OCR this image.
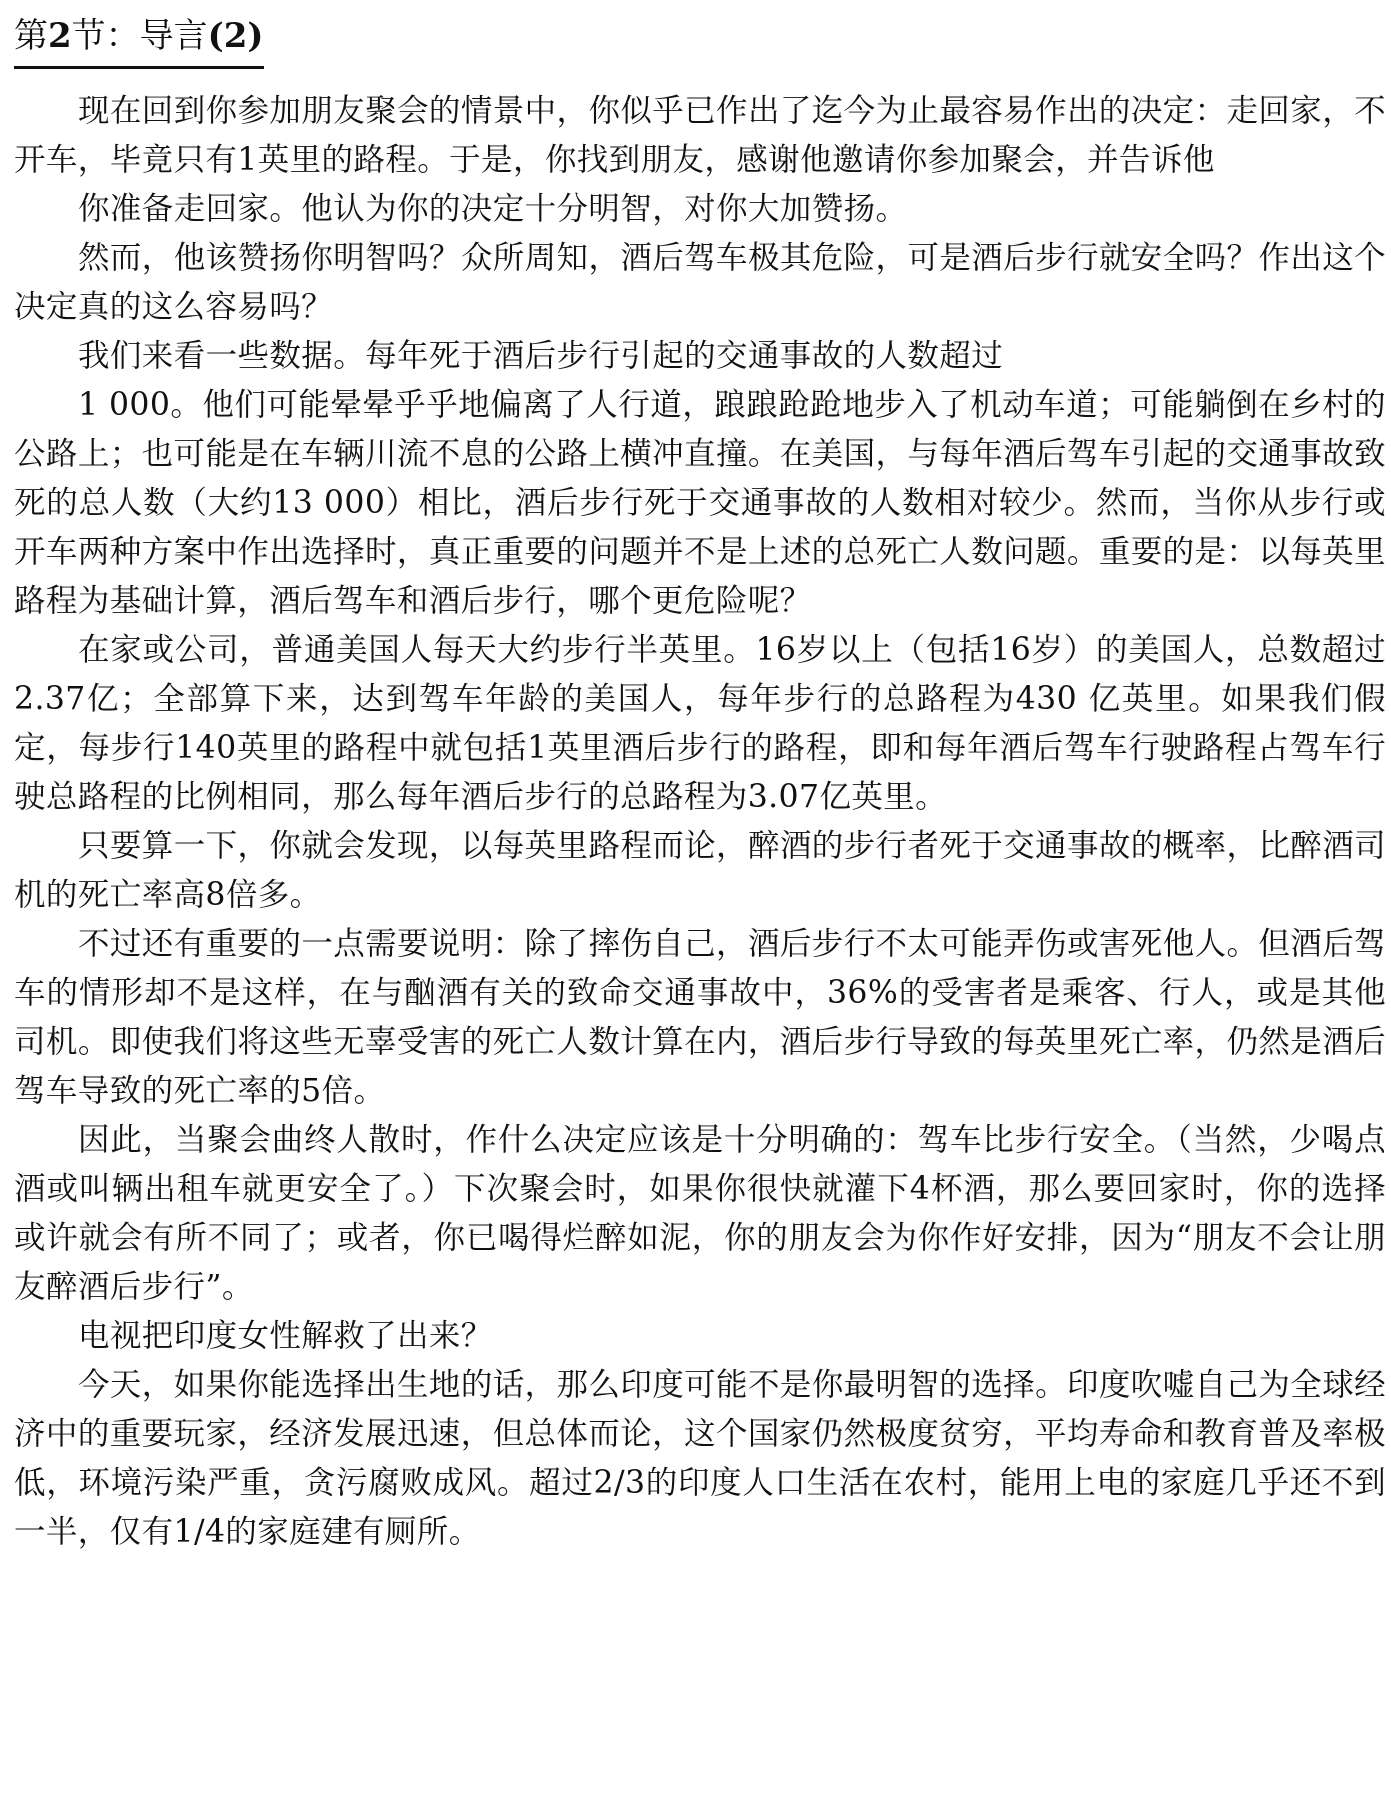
第2节：导言(2)

现在回到你参加朋友聚会的情景中，你似乎已作出了迄今为止最容易作出的决定：走回家，不开车，毕竟只有1英里的路程。于是，你找到朋友，感谢他邀请你参加聚会，并告诉他

你准备走回家。他认为你的决定十分明智，对你大加赞扬。

然而，他该赞扬你明智吗？众所周知，酒后驾车极其危险，可是酒后步行就安全吗？作出这个决定真的这么容易吗？

我们来看一些数据。每年死于酒后步行引起的交通事故的人数超过

1 000。他们可能晕晕乎乎地偏离了人行道，踉踉跄跄地步入了机动车道；可能躺倒在乡村的公路上；也可能是在车辆川流不息的公路上横冲直撞。在美国，与每年酒后驾车引起的交通事故致死的总人数（大约13 000）相比，酒后步行死于交通事故的人数相对较少。然而，当你从步行或开车两种方案中作出选择时，真正重要的问题并不是上述的总死亡人数问题。重要的是：以每英里路程为基础计算，酒后驾车和酒后步行，哪个更危险呢？

在家或公司，普通美国人每天大约步行半英里。16岁以上（包括16岁）的美国人，总数超过2.37亿；全部算下来，达到驾车年龄的美国人，每年步行的总路程为430 亿英里。如果我们假定，每步行140英里的路程中就包括1英里酒后步行的路程，即和每年酒后驾车行驶路程占驾车行驶总路程的比例相同，那么每年酒后步行的总路程为3.07亿英里。

只要算一下，你就会发现，以每英里路程而论，醉酒的步行者死于交通事故的概率，比醉酒司机的死亡率高8倍多。

不过还有重要的一点需要说明：除了摔伤自己，酒后步行不太可能弄伤或害死他人。但酒后驾车的情形却不是这样，在与酗酒有关的致命交通事故中，36%的受害者是乘客、行人，或是其他司机。即使我们将这些无辜受害的死亡人数计算在内，酒后步行导致的每英里死亡率，仍然是酒后驾车导致的死亡率的5倍。

因此，当聚会曲终人散时，作什么决定应该是十分明确的：驾车比步行安全。（当然，少喝点酒或叫辆出租车就更安全了。）下次聚会时，如果你很快就灌下4杯酒，那么要回家时，你的选择或许就会有所不同了；或者，你已喝得烂醉如泥，你的朋友会为你作好安排，因为“朋友不会让朋友醉酒后步行”。

电视把印度女性解救了出来？

今天，如果你能选择出生地的话，那么印度可能不是你最明智的选择。印度吹嘘自己为全球经济中的重要玩家，经济发展迅速，但总体而论，这个国家仍然极度贫穷，平均寿命和教育普及率极低，环境污染严重，贪污腐败成风。超过2/3的印度人口生活在农村，能用上电的家庭几乎还不到一半，仅有1/4的家庭建有厕所。
